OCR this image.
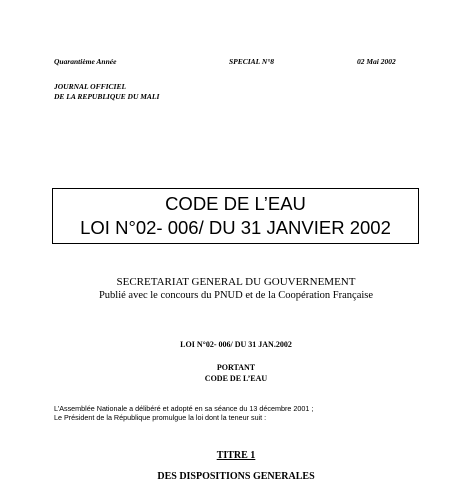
Quarantième Année	SPECIAL N°8	02 Mai 2002
JOURNAL OFFICIEL
DE LA REPUBLIQUE DU MALI
CODE DE L’EAU
LOI N°02- 006/ DU 31 JANVIER 2002
SECRETARIAT GENERAL DU GOUVERNEMENT
Publié avec le concours du PNUD et de la Coopération Française
LOI N°02- 006/ DU 31 JAN.2002
PORTANT
CODE DE L’EAU
L’Assemblée Nationale a délibéré et adopté en sa séance du 13 décembre 2001 ;
Le Président de la République promulgue la loi dont la teneur suit :
TITRE 1
DES DISPOSITIONS GENERALES
